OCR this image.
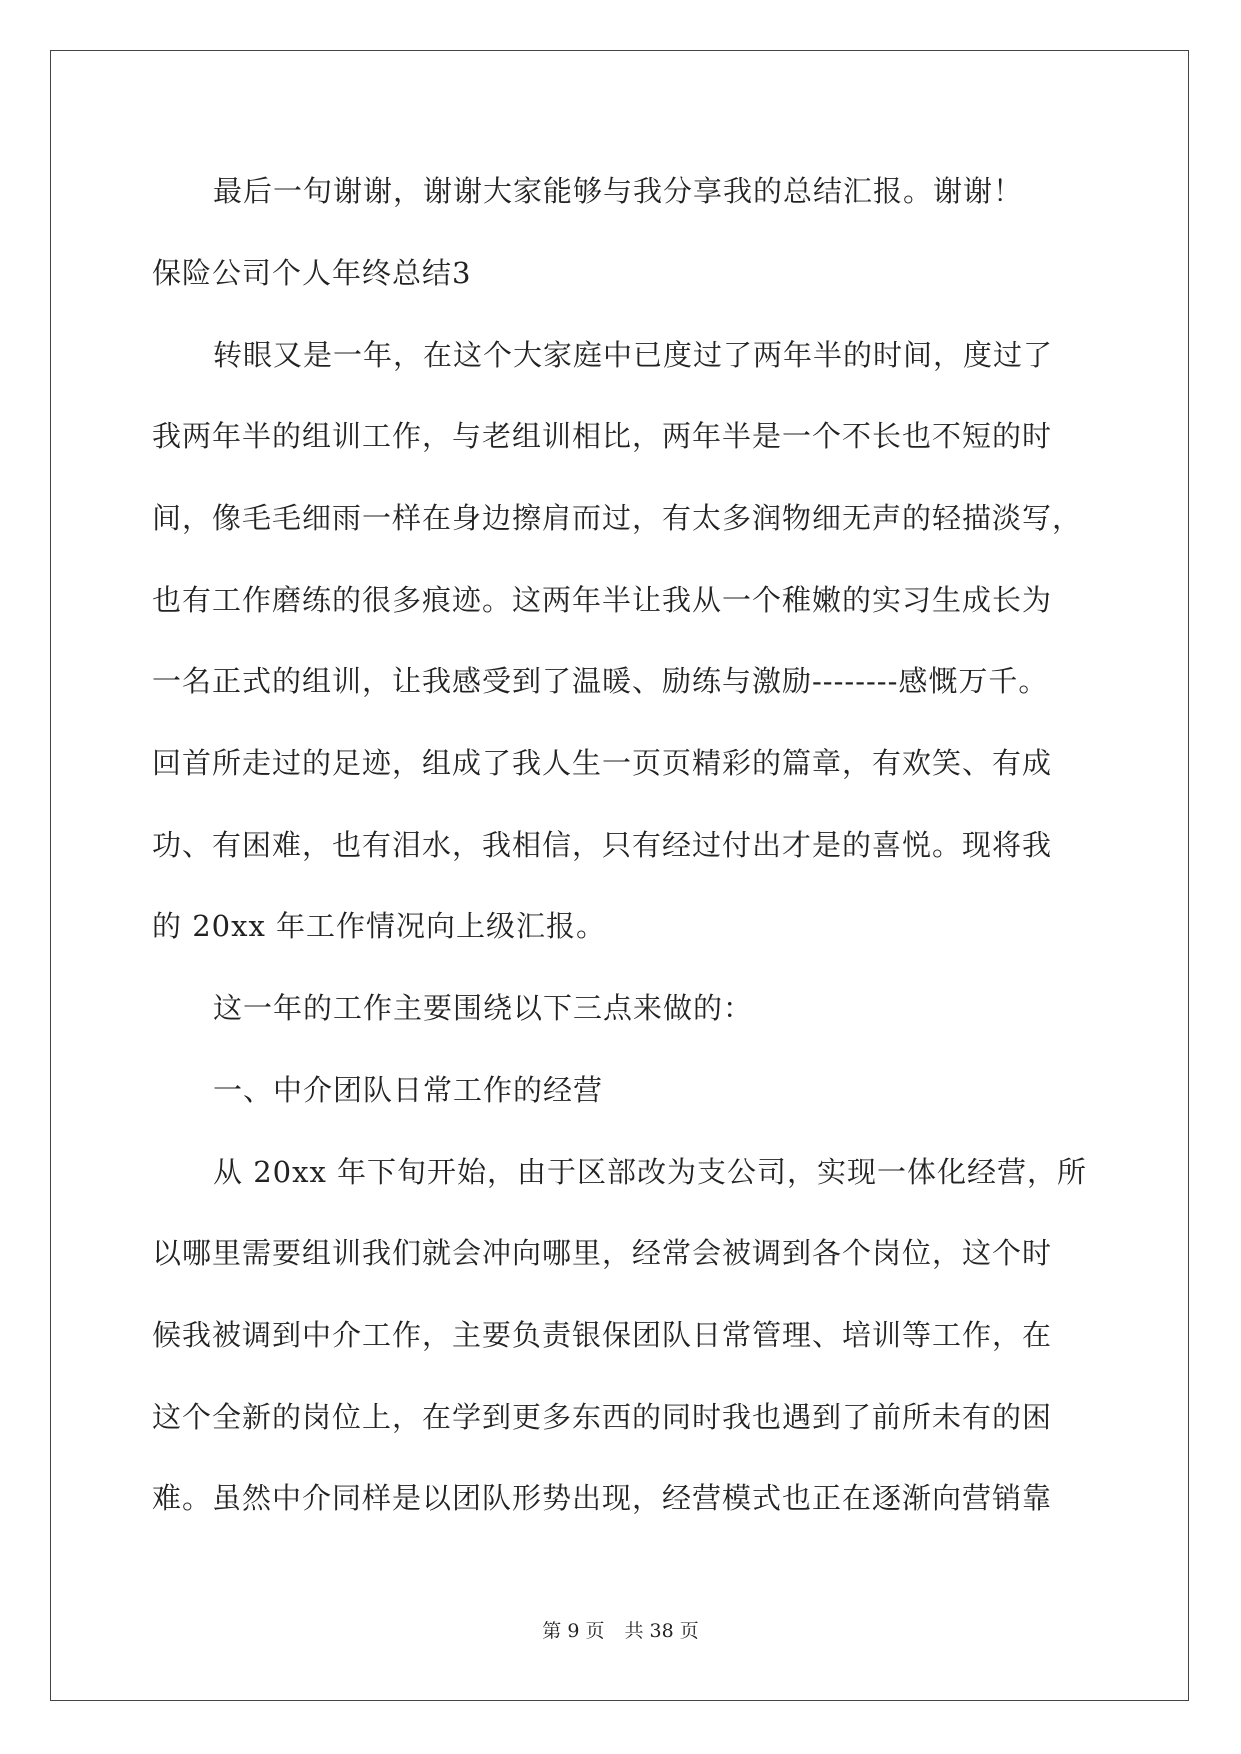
最后一句谢谢，谢谢大家能够与我分享我的总结汇报。谢谢！
保险公司个人年终总结3
转眼又是一年，在这个大家庭中已度过了两年半的时间，度过了
我两年半的组训工作，与老组训相比，两年半是一个不长也不短的时
间，像毛毛细雨一样在身边擦肩而过，有太多润物细无声的轻描淡写，
也有工作磨练的很多痕迹。这两年半让我从一个稚嫩的实习生成长为
一名正式的组训，让我感受到了温暖、励练与激励--------感慨万千。
回首所走过的足迹，组成了我人生一页页精彩的篇章，有欢笑、有成
功、有困难，也有泪水，我相信，只有经过付出才是的喜悦。现将我
的 20xx 年工作情况向上级汇报。
这一年的工作主要围绕以下三点来做的：
一、中介团队日常工作的经营
从 20xx 年下旬开始，由于区部改为支公司，实现一体化经营，所
以哪里需要组训我们就会冲向哪里，经常会被调到各个岗位，这个时
候我被调到中介工作，主要负责银保团队日常管理、培训等工作，在
这个全新的岗位上，在学到更多东西的同时我也遇到了前所未有的困
难。虽然中介同样是以团队形势出现，经营模式也正在逐渐向营销靠
第 9 页 共 38 页
